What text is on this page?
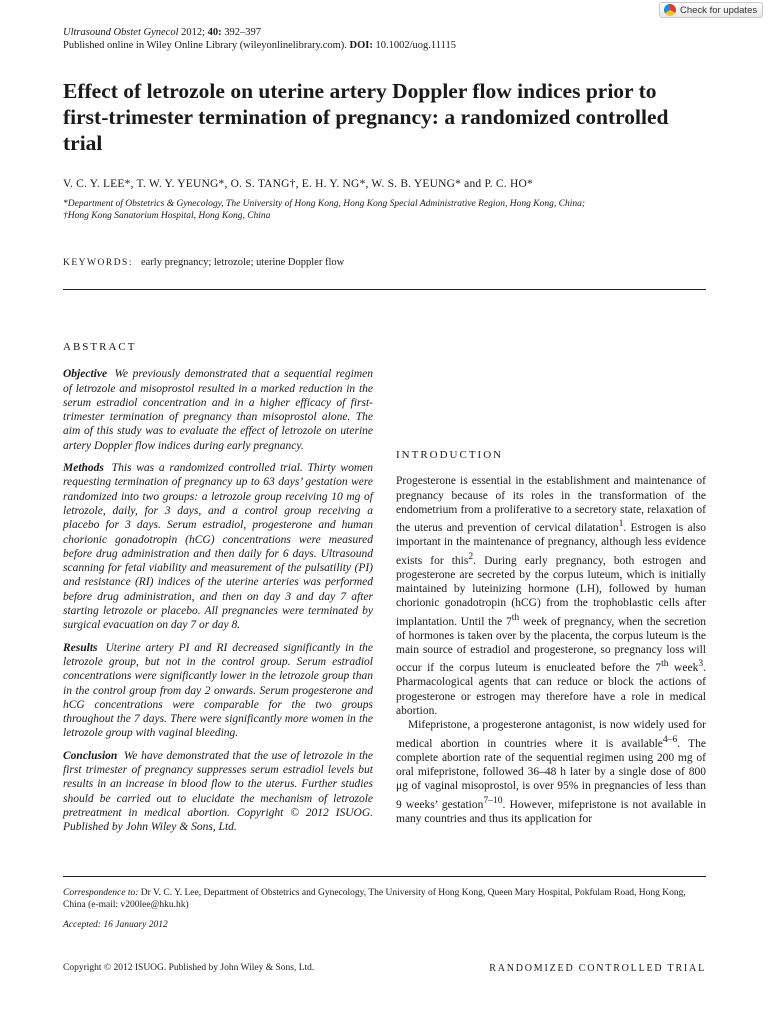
Check for updates
Ultrasound Obstet Gynecol 2012; 40: 392–397
Published online in Wiley Online Library (wileyonlinelibrary.com). DOI: 10.1002/uog.11115
Effect of letrozole on uterine artery Doppler flow indices prior to first-trimester termination of pregnancy: a randomized controlled trial
V. C. Y. LEE*, T. W. Y. YEUNG*, O. S. TANG†, E. H. Y. NG*, W. S. B. YEUNG* and P. C. HO*
*Department of Obstetrics & Gynecology, The University of Hong Kong, Hong Kong Special Administrative Region, Hong Kong, China;
†Hong Kong Sanatorium Hospital, Hong Kong, China
KEYWORDS: early pregnancy; letrozole; uterine Doppler flow

ABSTRACT

Objective We previously demonstrated that a sequential regimen of letrozole and misoprostol resulted in a marked reduction in the serum estradiol concentration and in a higher efficacy of first-trimester termination of pregnancy than misoprostol alone. The aim of this study was to evaluate the effect of letrozole on uterine artery Doppler flow indices during early pregnancy.

Methods This was a randomized controlled trial. Thirty women requesting termination of pregnancy up to 63 days’ gestation were randomized into two groups: a letrozole group receiving 10 mg of letrozole, daily, for 3 days, and a control group receiving a placebo for 3 days. Serum estradiol, progesterone and human chorionic gonadotropin (hCG) concentrations were measured before drug administration and then daily for 6 days. Ultrasound scanning for fetal viability and measurement of the pulsatility (PI) and resistance (RI) indices of the uterine arteries was performed before drug administration, and then on day 3 and day 7 after starting letrozole or placebo. All pregnancies were terminated by surgical evacuation on day 7 or day 8.

Results Uterine artery PI and RI decreased significantly in the letrozole group, but not in the control group. Serum estradiol concentrations were significantly lower in the letrozole group than in the control group from day 2 onwards. Serum progesterone and hCG concentrations were comparable for the two groups throughout the 7 days. There were significantly more women in the letrozole group with vaginal bleeding.

Conclusion We have demonstrated that the use of letrozole in the first trimester of pregnancy suppresses serum estradiol levels but results in an increase in blood flow to the uterus. Further studies should be carried out to elucidate the mechanism of letrozole pretreatment in medical abortion. Copyright © 2012 ISUOG. Published by John Wiley & Sons, Ltd.

INTRODUCTION

Progesterone is essential in the establishment and maintenance of pregnancy because of its roles in the transformation of the endometrium from a proliferative to a secretory state, relaxation of the uterus and prevention of cervical dilatation$^1$. Estrogen is also important in the maintenance of pregnancy, although less evidence exists for this$^2$. During early pregnancy, both estrogen and progesterone are secreted by the corpus luteum, which is initially maintained by luteinizing hormone (LH), followed by human chorionic gonadotropin (hCG) from the trophoblastic cells after implantation. Until the 7th week of pregnancy, when the secretion of hormones is taken over by the placenta, the corpus luteum is the main source of estradiol and progesterone, so pregnancy loss will occur if the corpus luteum is enucleated before the 7th week$^3$. Pharmacological agents that can reduce or block the actions of progesterone or estrogen may therefore have a role in medical abortion.

Mifepristone, a progesterone antagonist, is now widely used for medical abortion in countries where it is available$^{4-6}$. The complete abortion rate of the sequential regimen using 200 mg of oral mifepristone, followed 36–48 h later by a single dose of 800 μg of vaginal misoprostol, is over 95% in pregnancies of less than 9 weeks’ gestation$^{7-10}$. However, mifepristone is not available in many countries and thus its application for

Correspondence to: Dr V. C. Y. Lee, Department of Obstetrics and Gynecology, The University of Hong Kong, Queen Mary Hospital, Pokfulam Road, Hong Kong, China (e-mail: v200lee@hku.hk)
Accepted: 16 January 2012
Copyright © 2012 ISUOG. Published by John Wiley & Sons, Ltd.	RANDOMIZED CONTROLLED TRIAL
